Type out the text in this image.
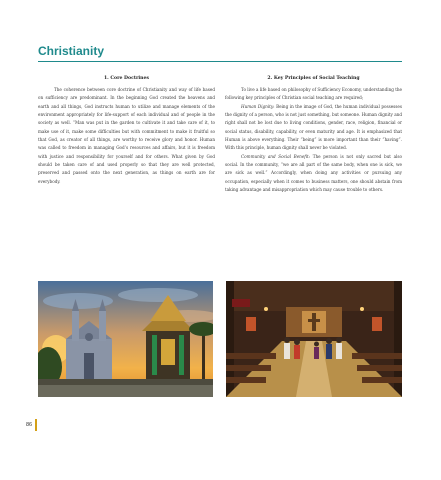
Christianity
1. Core Doctrines

The coherence between core doctrine of Christianity and way of life based on sufficiency are predominant. In the beginning God created the heavens and earth and all things, God instructs human to utilize and manage elements of the environment appropriately for life-support of each individual and of people in the society as well. “Man was put in the garden to cultivate it and take care of it, to make use of it, make some difficulties but with commitment to make it fruitful so that God, as creator of all things, are worthy to receive glory and honor. Human was called to freedom in managing God’s resources and affairs, but it is freedom with justice and responsibility for yourself and for others. What given by God should be taken care of and used properly so that they are well protected, preserved and passed onto the next generation, as things on earth are for everybody.

2. Key Principles of Social Teaching

To live a life based on philosophy of Sufficiency Economy, understanding the following key principles of Christian social teaching are required;

Human Dignity: Being in the image of God, the human individual possesses the dignity of a person, who is not just something, but someone. Human dignity and right shall not be lost due to living conditions, gender, race, religion, financial or social status, disability, capability, or even maturity and age. It is emphasized that Human is above everything. Their “being” is more important than their “having”. With this principle, human dignity shall never be violated.

Community and Social Benefit: The person is not only sacred but also social. In the community, “we are all part of the same body, when one is sick, we are sick as well.” Accordingly, when doing any activities or pursuing any occupation, especially when it comes to business matters, one should abstain from taking advantage and misappropriation which may cause trouble to others.

86
